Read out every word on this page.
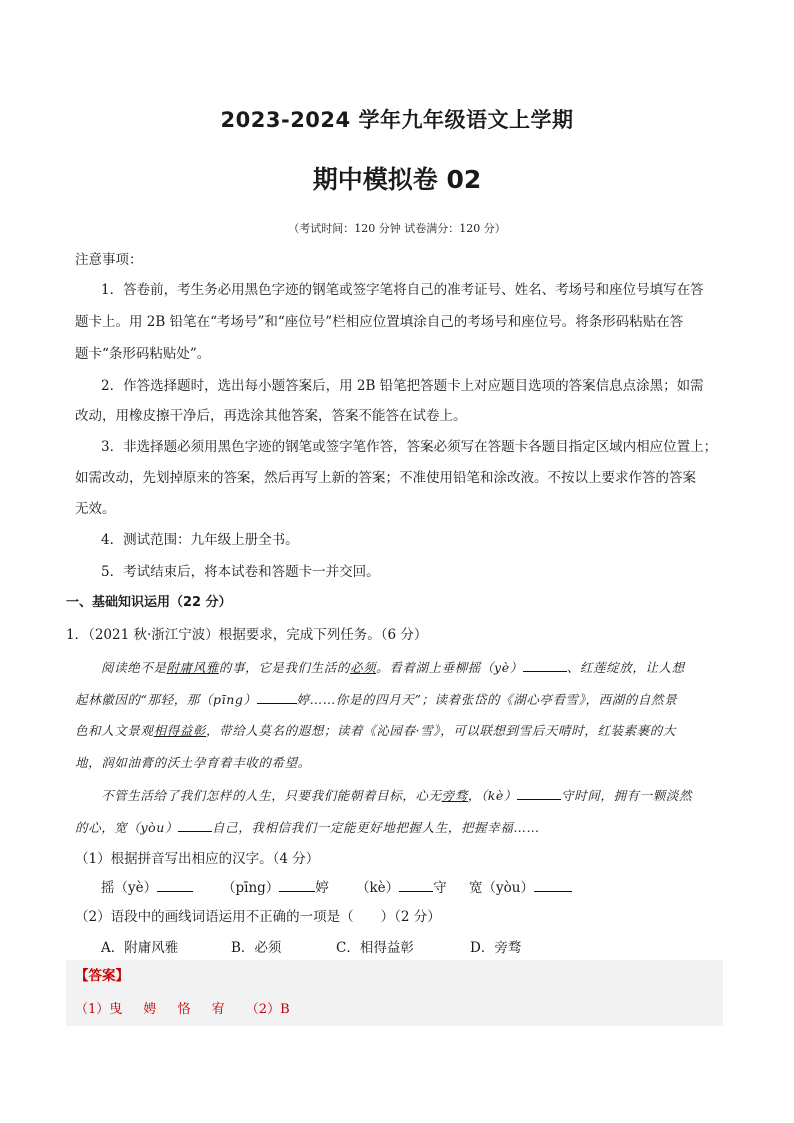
2023-2024 学年九年级语文上学期
期中模拟卷 02
（考试时间：120 分钟 试卷满分：120 分）
注意事项：
1．答卷前，考生务必用黑色字迹的钢笔或签字笔将自己的准考证号、姓名、考场号和座位号填写在答
题卡上。用 2B 铅笔在“考场号”和“座位号”栏相应位置填涂自己的考场号和座位号。将条形码粘贴在答
题卡“条形码粘贴处”。
2．作答选择题时，选出每小题答案后，用 2B 铅笔把答题卡上对应题目选项的答案信息点涂黑；如需
改动，用橡皮擦干净后，再选涂其他答案，答案不能答在试卷上。
3．非选择题必须用黑色字迹的钢笔或签字笔作答，答案必须写在答题卡各题目指定区域内相应位置上；
如需改动，先划掉原来的答案，然后再写上新的答案；不准使用铅笔和涂改液。不按以上要求作答的答案
无效。
4．测试范围：九年级上册全书。
5．考试结束后，将本试卷和答题卡一并交回。
一、基础知识运用（22 分）
1．（2021 秋·浙江宁波）根据要求，完成下列任务。（6 分）
阅读绝不是附庸风雅的事，它是我们生活的必须。看着湖上垂柳摇（yè）	、红莲绽放，让人想
起林徽因的“那轻，那（pīng）	婷……你是的四月天”；读着张岱的《湖心亭看雪》，西湖的自然景
色和人文景观相得益彰，带给人莫名的遐想；读着《沁园春·雪》，可以联想到雪后天晴时，红装素裹的大
地，润如油膏的沃土孕育着丰收的希望。
不管生活给了我们怎样的人生，只要我们能朝着目标，心无旁骛，（kè）	守时间，拥有一颗淡然
的心，宽（yòu）	自己，我相信我们一定能更好地把握人生，把握幸福……
（1）根据拼音写出相应的汉字。（4 分）
摇（yè）	（pīng）	婷 （kè）	守 宽（yòu）
（2）语段中的画线词语运用不正确的一项是（　　）（2 分）
A．附庸风雅	B．必须	C．相得益彰	D．旁骛
【答案】
（1）曳　 娉　 恪　 宥　 （2）B
